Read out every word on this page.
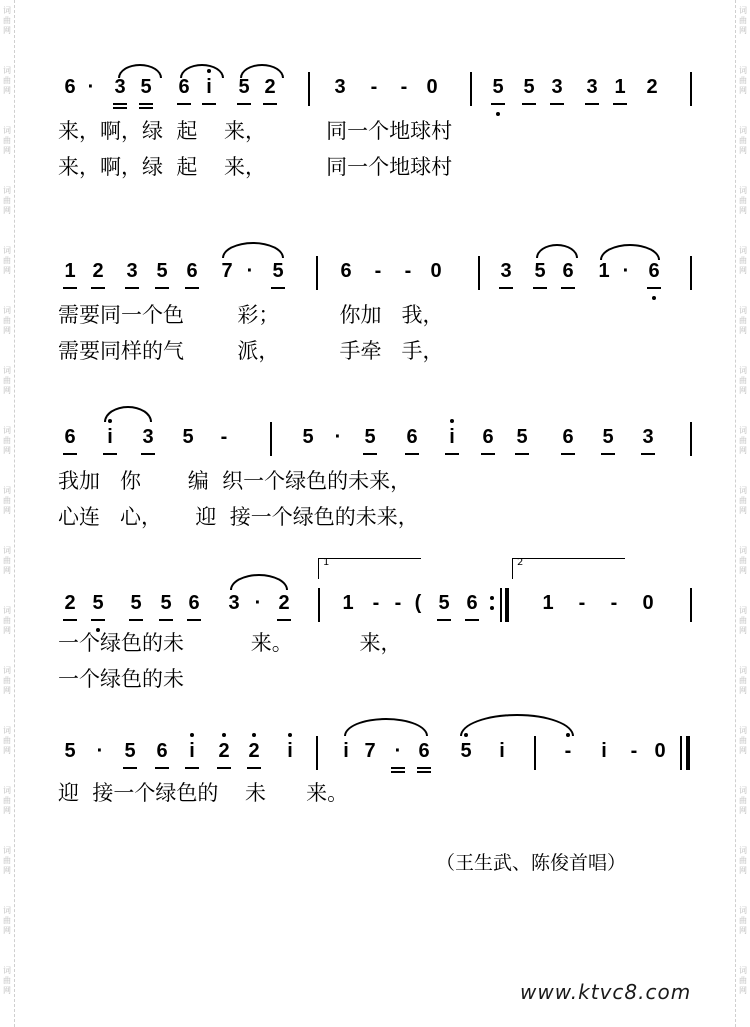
词
曲
网
词
曲
网
词
曲
网
词
曲
网
词
曲
网
词
曲
网
词
曲
网
词
曲
网
词
曲
网
词
曲
网
词
曲
网
词
曲
网
词
曲
网
词
曲
网
词
曲
网
词
曲
网
词
曲
网
词
曲
网
词
曲
网
词
曲
网
词
曲
网
词
曲
网
词
曲
网
词
曲
网
词
曲
网
词
曲
网
词
曲
网
词
曲
网
词
曲
网
词
曲
网
词
曲
网
词
曲
网
词
曲
网
词
曲
网
6 ·	3 5	6 i	5 2	3	-	- 0	5 5 3	3 1	2
来，啊，绿  起    来，         同一个地球村
来，啊，绿  起    来，         同一个地球村
1 2	3 5 6	7 · 5	6	-	- 0	3	5 6	1 · 6
需要同一个色        彩；         你加   我，
需要同样的气        派，         手牵   手，
6	i	3	5	-	5	·	5	6	i	6	5	6	5	3
我加   你       编  织一个绿色的未来，
心连   心，     迎  接一个绿色的未来，
2 5	5 5 6	3 · 2
1
1 - - ( 5 6
2
1	-	-	0
一个绿色的未          来。          来，
一个绿色的未
5	·	5	6	i	2 2	i	i 7 · 6	5	i	-	i	- 0
迎  接一个绿色的    未      来。
（王生武、陈俊首唱）
www.ktvc8.com
